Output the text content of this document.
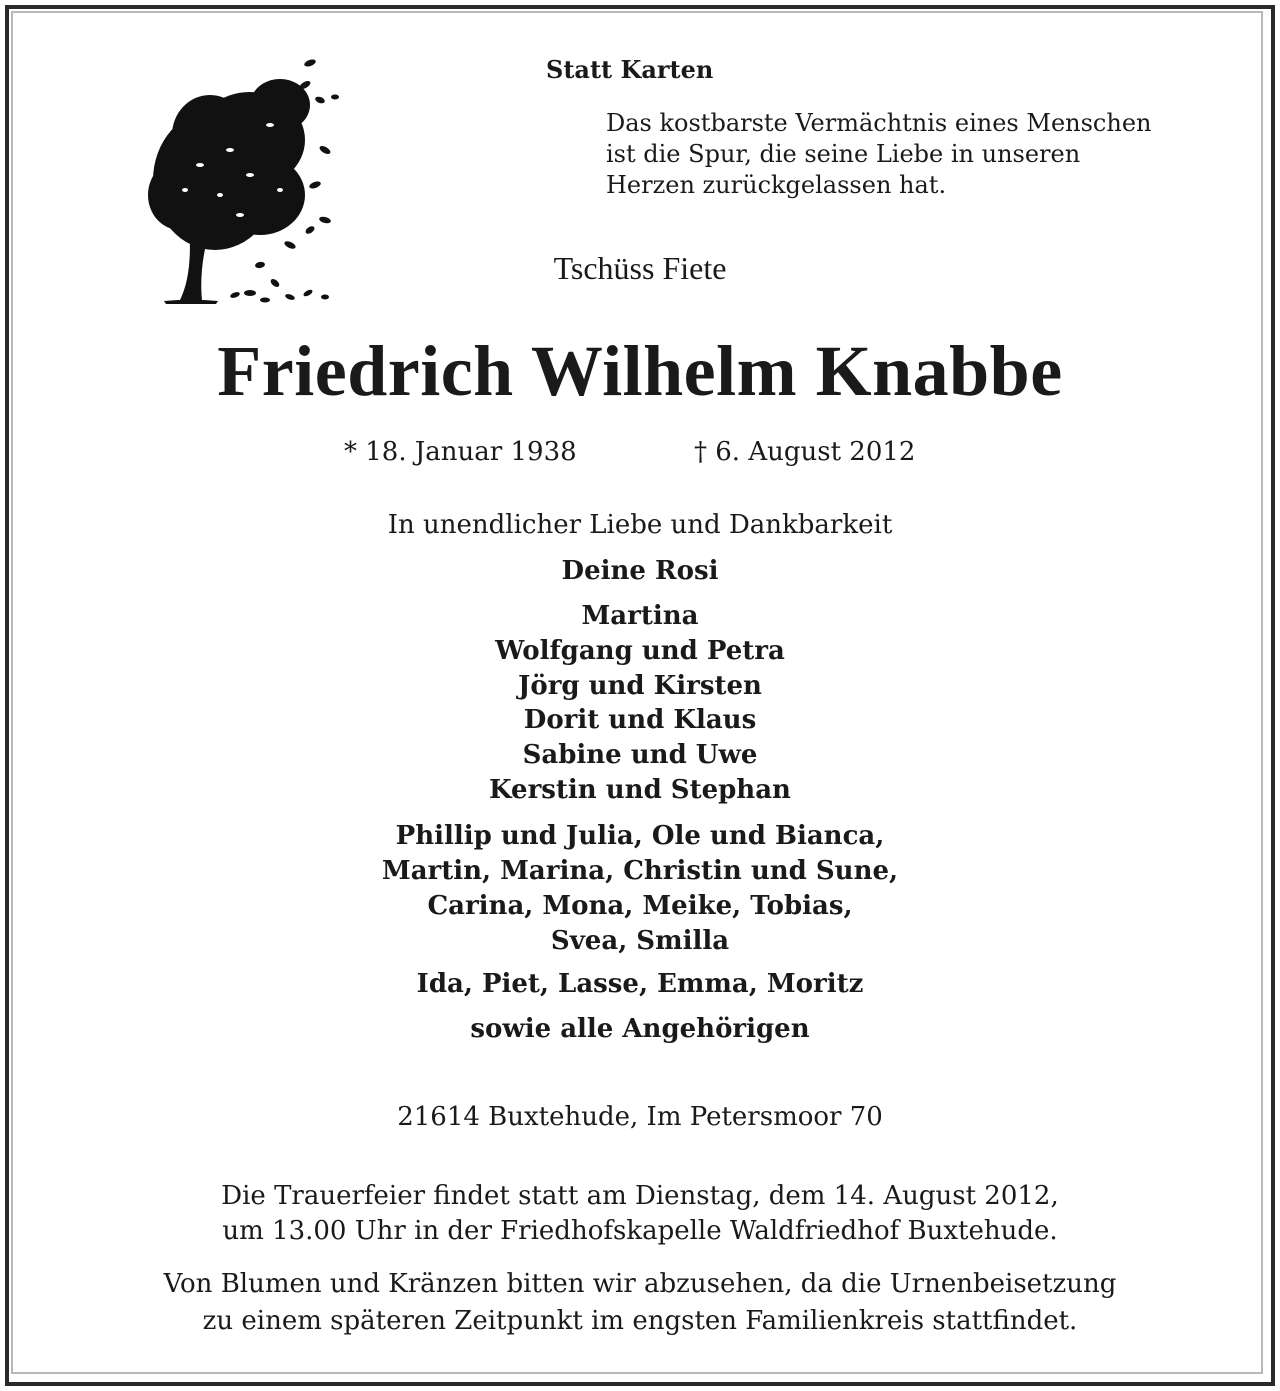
Statt Karten
Das kostbarste Vermächtnis eines Menschen
ist die Spur, die seine Liebe in unseren
Herzen zurückgelassen hat.
Tschüss Fiete
Friedrich Wilhelm Knabbe
* 18. Januar 1938	† 6. August 2012
In unendlicher Liebe und Dankbarkeit
Deine Rosi
Martina
Wolfgang und Petra
Jörg und Kirsten
Dorit und Klaus
Sabine und Uwe
Kerstin und Stephan
Phillip und Julia, Ole und Bianca,
Martin, Marina, Christin und Sune,
Carina, Mona, Meike, Tobias,
Svea, Smilla
Ida, Piet, Lasse, Emma, Moritz
sowie alle Angehörigen
21614 Buxtehude, Im Petersmoor 70
Die Trauerfeier findet statt am Dienstag, dem 14. August 2012,
um 13.00 Uhr in der Friedhofskapelle Waldfriedhof Buxtehude.
Von Blumen und Kränzen bitten wir abzusehen, da die Urnenbeisetzung
zu einem späteren Zeitpunkt im engsten Familienkreis stattfindet.
